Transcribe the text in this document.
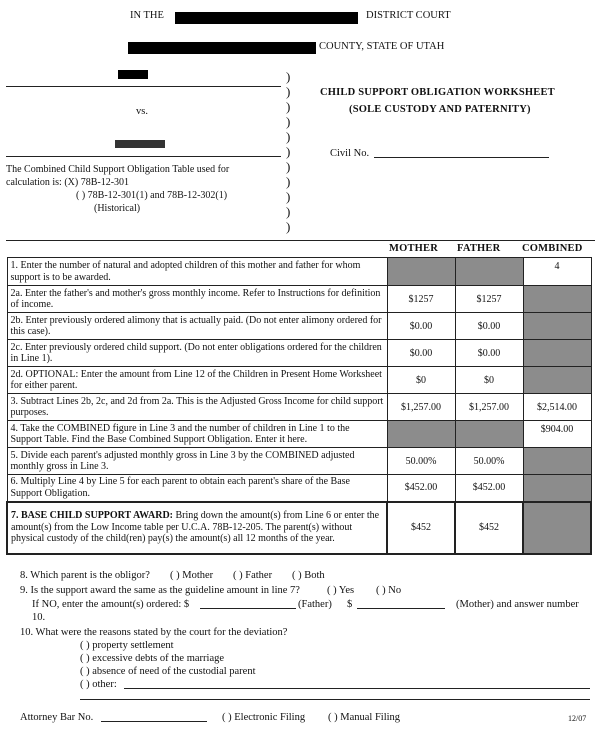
IN THE	DISTRICT COURT
COUNTY, STATE OF UTAH
vs.
The Combined Child Support Obligation Table used for
calculation is: (X) 78B-12-301
( ) 78B-12-301(1) and 78B-12-302(1)
(Historical)
)
)
)
)
)
)
)
)
)
)
)
CHILD SUPPORT OBLIGATION WORKSHEET
(SOLE CUSTODY AND PATERNITY)
Civil No.
MOTHER FATHER COMBINED
1. Enter the number of natural and adopted children of this mother and father for whom support is to be awarded.			4
2a. Enter the father's and mother's gross monthly income. Refer to Instructions for definition of income.	$1257	$1257	
2b. Enter previously ordered alimony that is actually paid. (Do not enter alimony ordered for this case).	$0.00	$0.00	
2c. Enter previously ordered child support. (Do not enter obligations ordered for the children in Line 1).	$0.00	$0.00	
2d. OPTIONAL: Enter the amount from Line 12 of the Children in Present Home Worksheet for either parent.	$0	$0	
3. Subtract Lines 2b, 2c, and 2d from 2a. This is the Adjusted Gross Income for child support purposes.	$1,257.00	$1,257.00	$2,514.00
4. Take the COMBINED figure in Line 3 and the number of children in Line 1 to the Support Table. Find the Base Combined Support Obligation. Enter it here.			$904.00
5. Divide each parent's adjusted monthly gross in Line 3 by the COMBINED adjusted monthly gross in Line 3.	50.00%	50.00%	
6. Multiply Line 4 by Line 5 for each parent to obtain each parent's share of the Base Support Obligation.	$452.00	$452.00	
7. BASE CHILD SUPPORT AWARD: Bring down the amount(s) from Line 6 or enter the amount(s) from the Low Income table per U.C.A. 78B-12-205. The parent(s) without physical custody of the child(ren) pay(s) the amount(s) all 12 months of the year.	$452	$452	
8. Which parent is the obligor? ( ) Mother ( ) Father ( ) Both
9. Is the support award the same as the guideline amount in line 7?	( ) Yes ( ) No
If NO, enter the amount(s) ordered: $	(Father) $	(Mother) and answer number
10.
10. What were the reasons stated by the court for the deviation?
( ) property settlement
( ) excessive debts of the marriage
( ) absence of need of the custodial parent
( ) other:
Attorney Bar No.	( ) Electronic Filing ( ) Manual Filing	12/07
